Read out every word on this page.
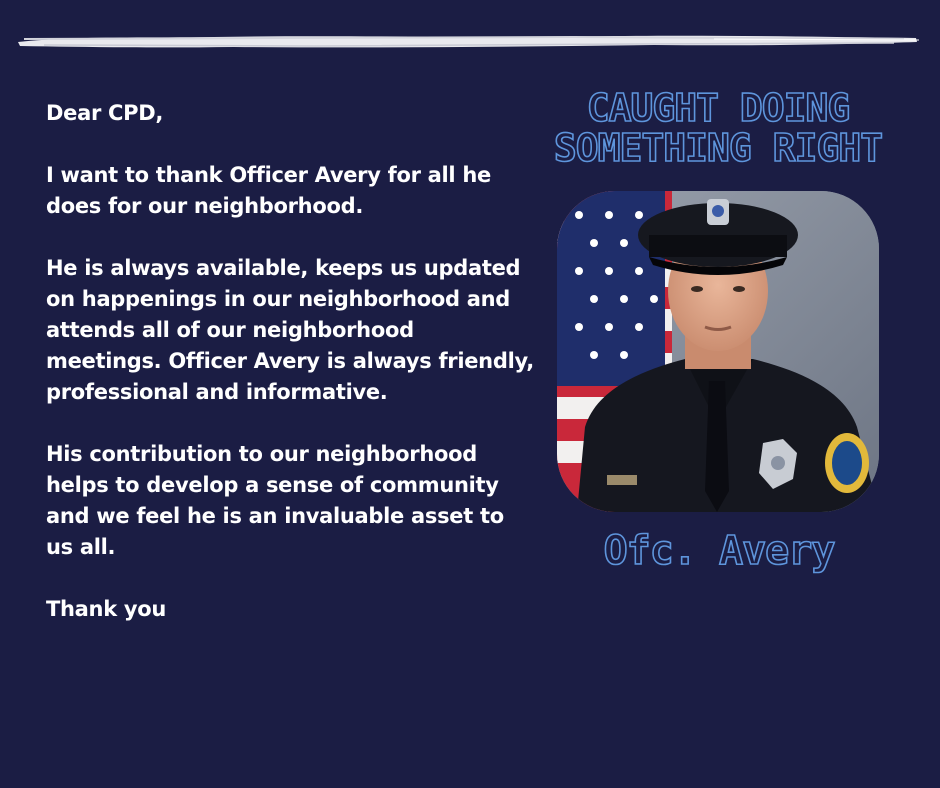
Dear CPD,

I want to thank Officer Avery for all he does for our neighborhood.

He is always available, keeps us updated on happenings in our neighborhood and attends all of our neighborhood meetings. Officer Avery is always friendly, professional and informative.

His contribution to our neighborhood helps to develop a sense of community and we feel he is an invaluable asset to us all.

Thank you

CAUGHT DOING
SOMETHING RIGHT
Ofc. Avery
